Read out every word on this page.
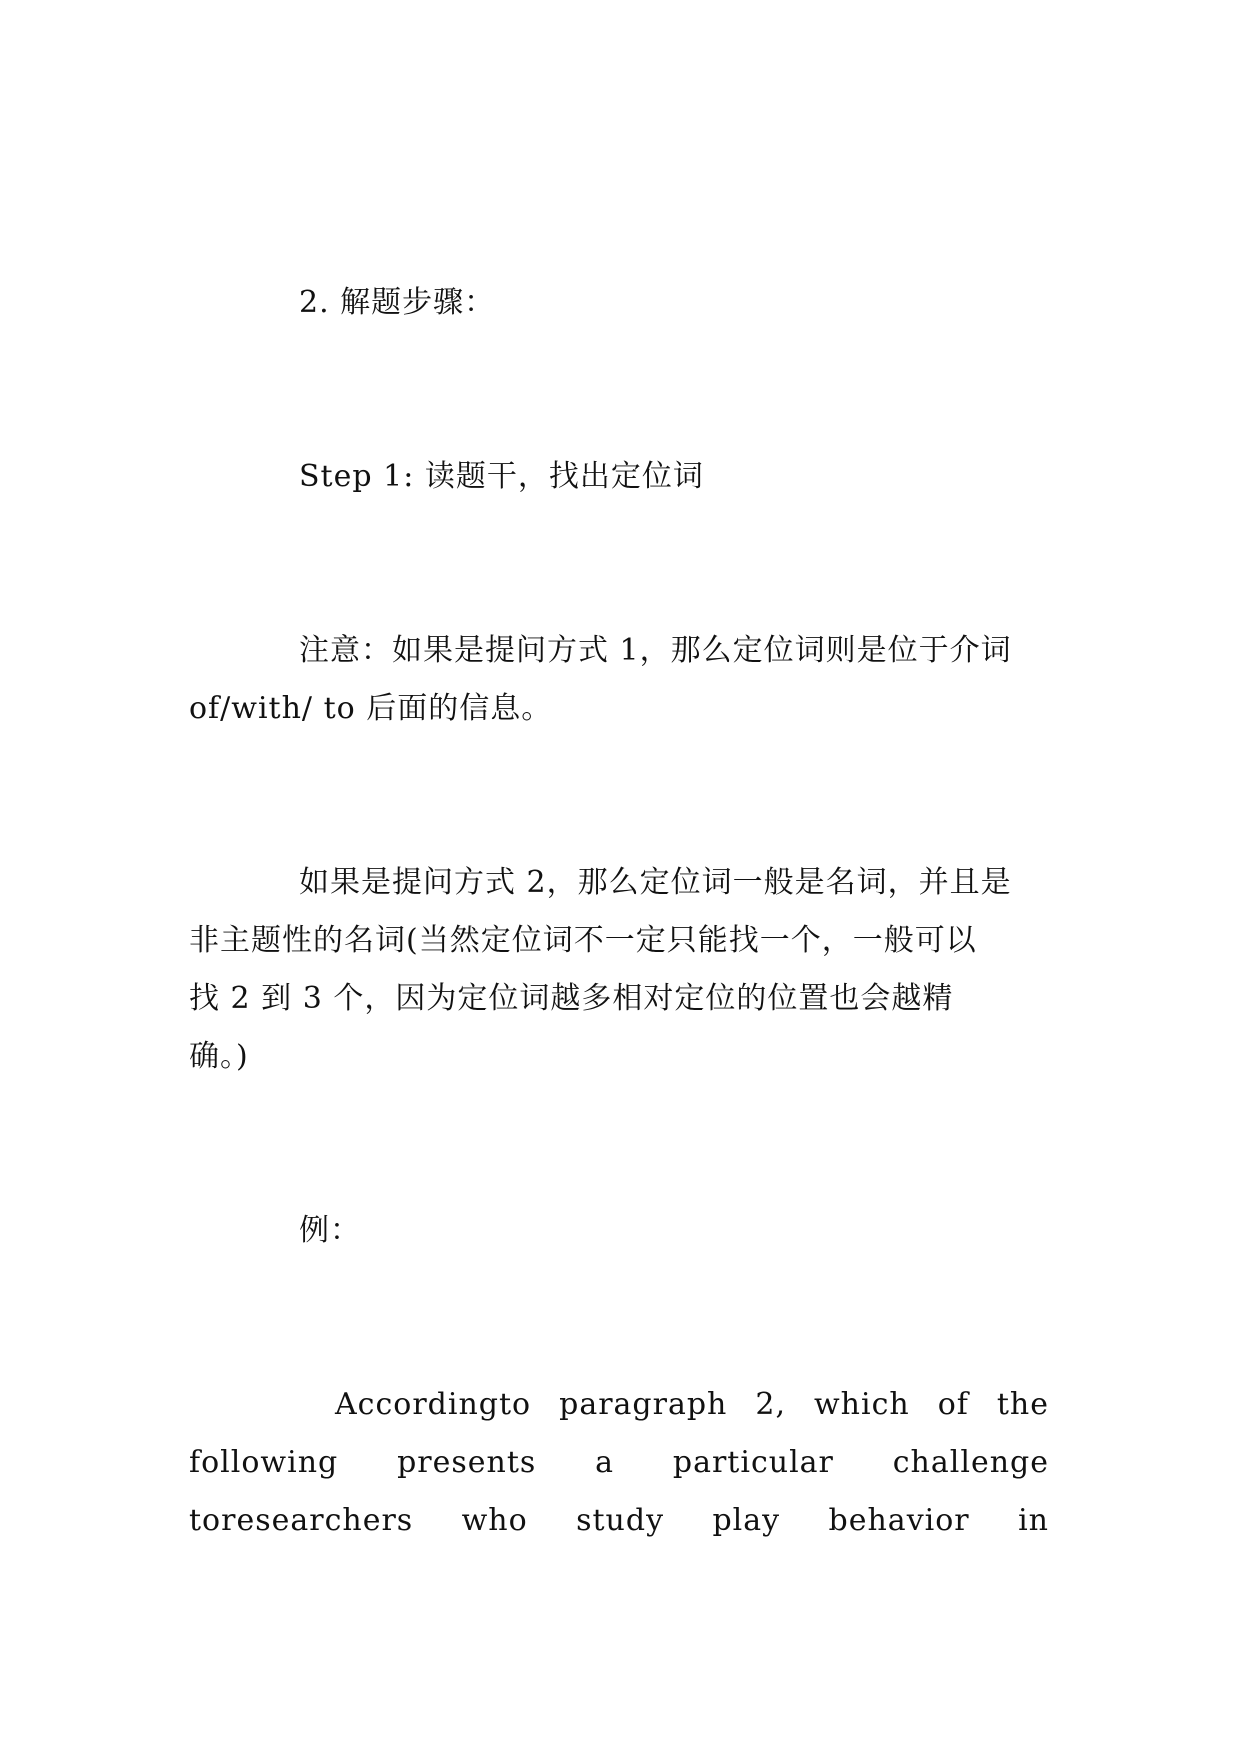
2. 解题步骤：
Step 1: 读题干，找出定位词
注意：如果是提问方式 1，那么定位词则是位于介词
of/with/ to 后面的信息。
如果是提问方式 2，那么定位词一般是名词，并且是
非主题性的名词(当然定位词不一定只能找一个，一般可以
找 2 到 3 个，因为定位词越多相对定位的位置也会越精
确。)
例：
Accordingto paragraph 2, which of the
following presents a particular challenge
toresearchers who study play behavior in
